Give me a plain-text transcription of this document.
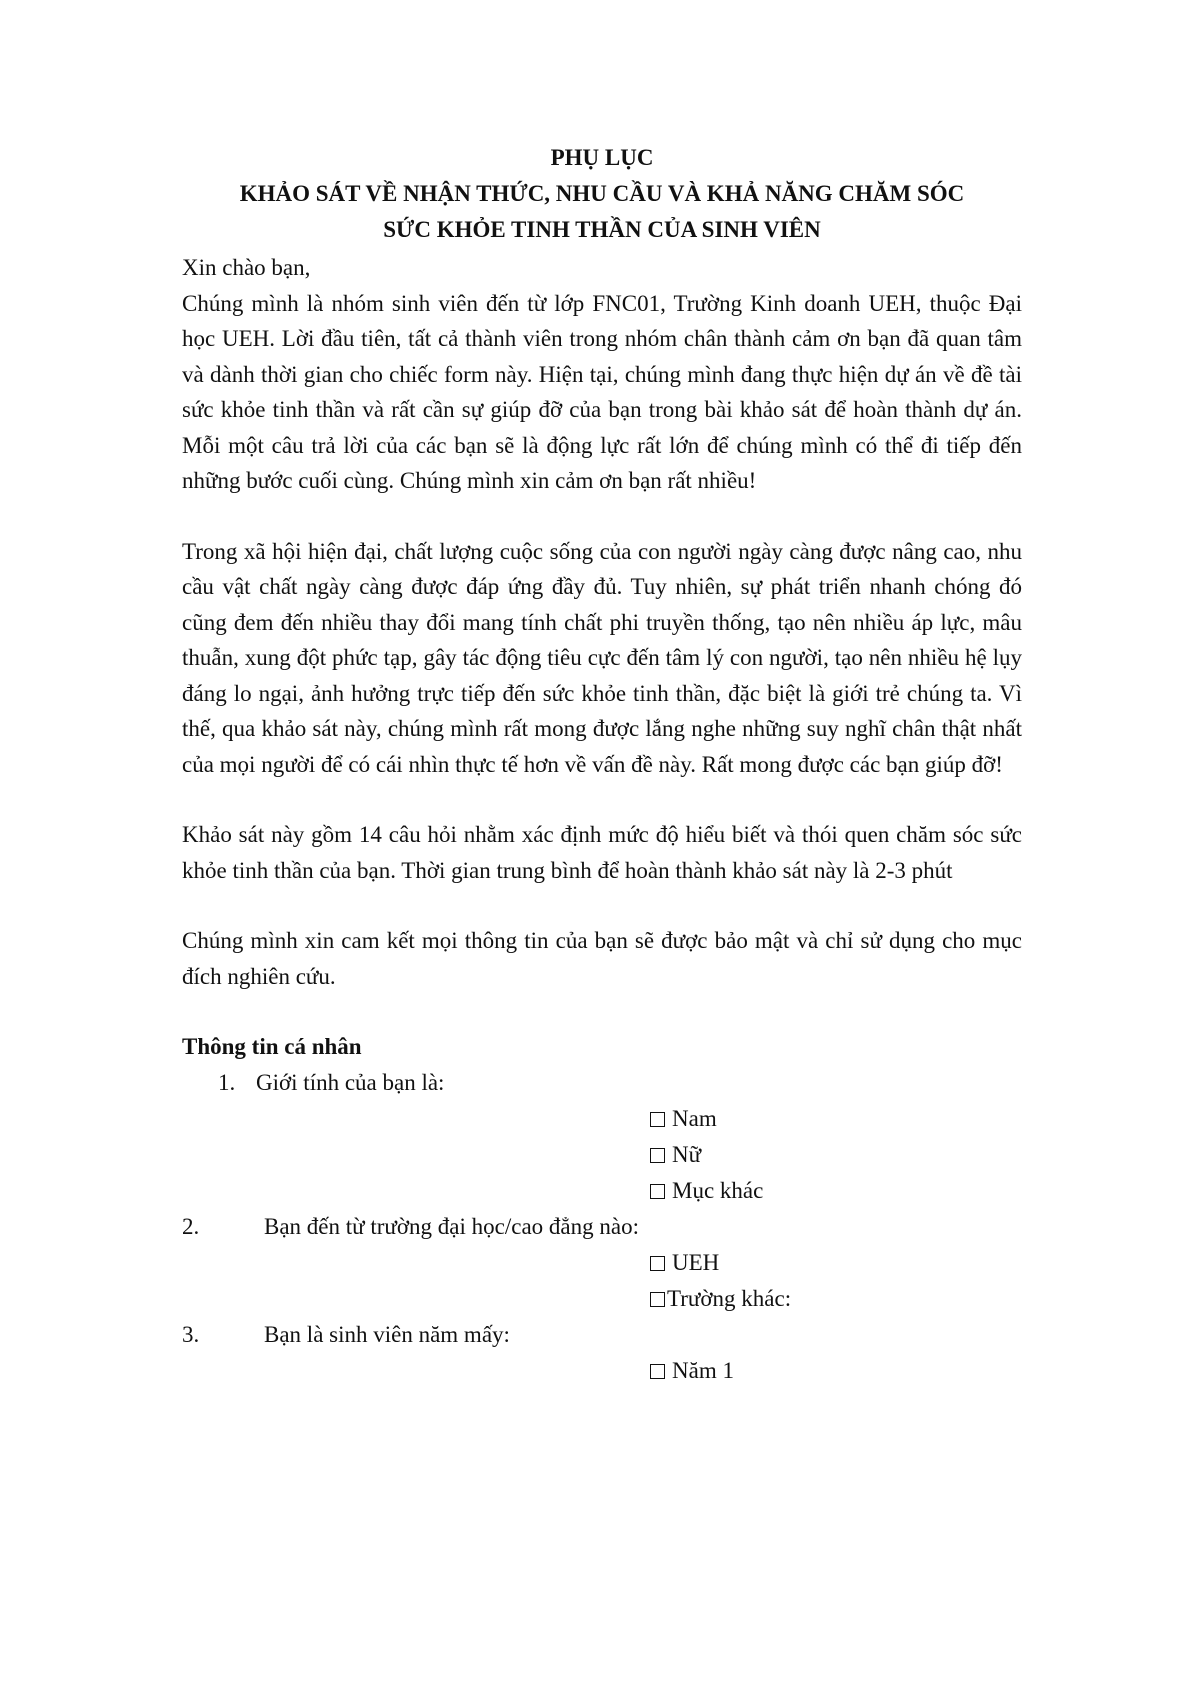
PHỤ LỤC
KHẢO SÁT VỀ NHẬN THỨC, NHU CẦU VÀ KHẢ NĂNG CHĂM SÓC
SỨC KHỎE TINH THẦN CỦA SINH VIÊN

Xin chào bạn,

Chúng mình là nhóm sinh viên đến từ lớp FNC01, Trường Kinh doanh UEH, thuộc Đại học UEH. Lời đầu tiên, tất cả thành viên trong nhóm chân thành cảm ơn bạn đã quan tâm và dành thời gian cho chiếc form này. Hiện tại, chúng mình đang thực hiện dự án về đề tài sức khỏe tinh thần và rất cần sự giúp đỡ của bạn trong bài khảo sát để hoàn thành dự án. Mỗi một câu trả lời của các bạn sẽ là động lực rất lớn để chúng mình có thể đi tiếp đến những bước cuối cùng. Chúng mình xin cảm ơn bạn rất nhiều!

Trong xã hội hiện đại, chất lượng cuộc sống của con người ngày càng được nâng cao, nhu cầu vật chất ngày càng được đáp ứng đầy đủ. Tuy nhiên, sự phát triển nhanh chóng đó cũng đem đến nhiều thay đổi mang tính chất phi truyền thống, tạo nên nhiều áp lực, mâu thuẫn, xung đột phức tạp, gây tác động tiêu cực đến tâm lý con người, tạo nên nhiều hệ lụy đáng lo ngại, ảnh hưởng trực tiếp đến sức khỏe tinh thần, đặc biệt là giới trẻ chúng ta. Vì thế, qua khảo sát này, chúng mình rất mong được lắng nghe những suy nghĩ chân thật nhất của mọi người để có cái nhìn thực tế hơn về vấn đề này. Rất mong được các bạn giúp đỡ!

Khảo sát này gồm 14 câu hỏi nhằm xác định mức độ hiểu biết và thói quen chăm sóc sức khỏe tinh thần của bạn. Thời gian trung bình để hoàn thành khảo sát này là 2-3 phút

Chúng mình xin cam kết mọi thông tin của bạn sẽ được bảo mật và chỉ sử dụng cho mục đích nghiên cứu.

Thông tin cá nhân

1. Giới tính của bạn là:
Nam
Nữ
Mục khác
2.	Bạn đến từ trường đại học/cao đẳng nào:
UEH
Trường khác:
3.	Bạn là sinh viên năm mấy:
Năm 1
